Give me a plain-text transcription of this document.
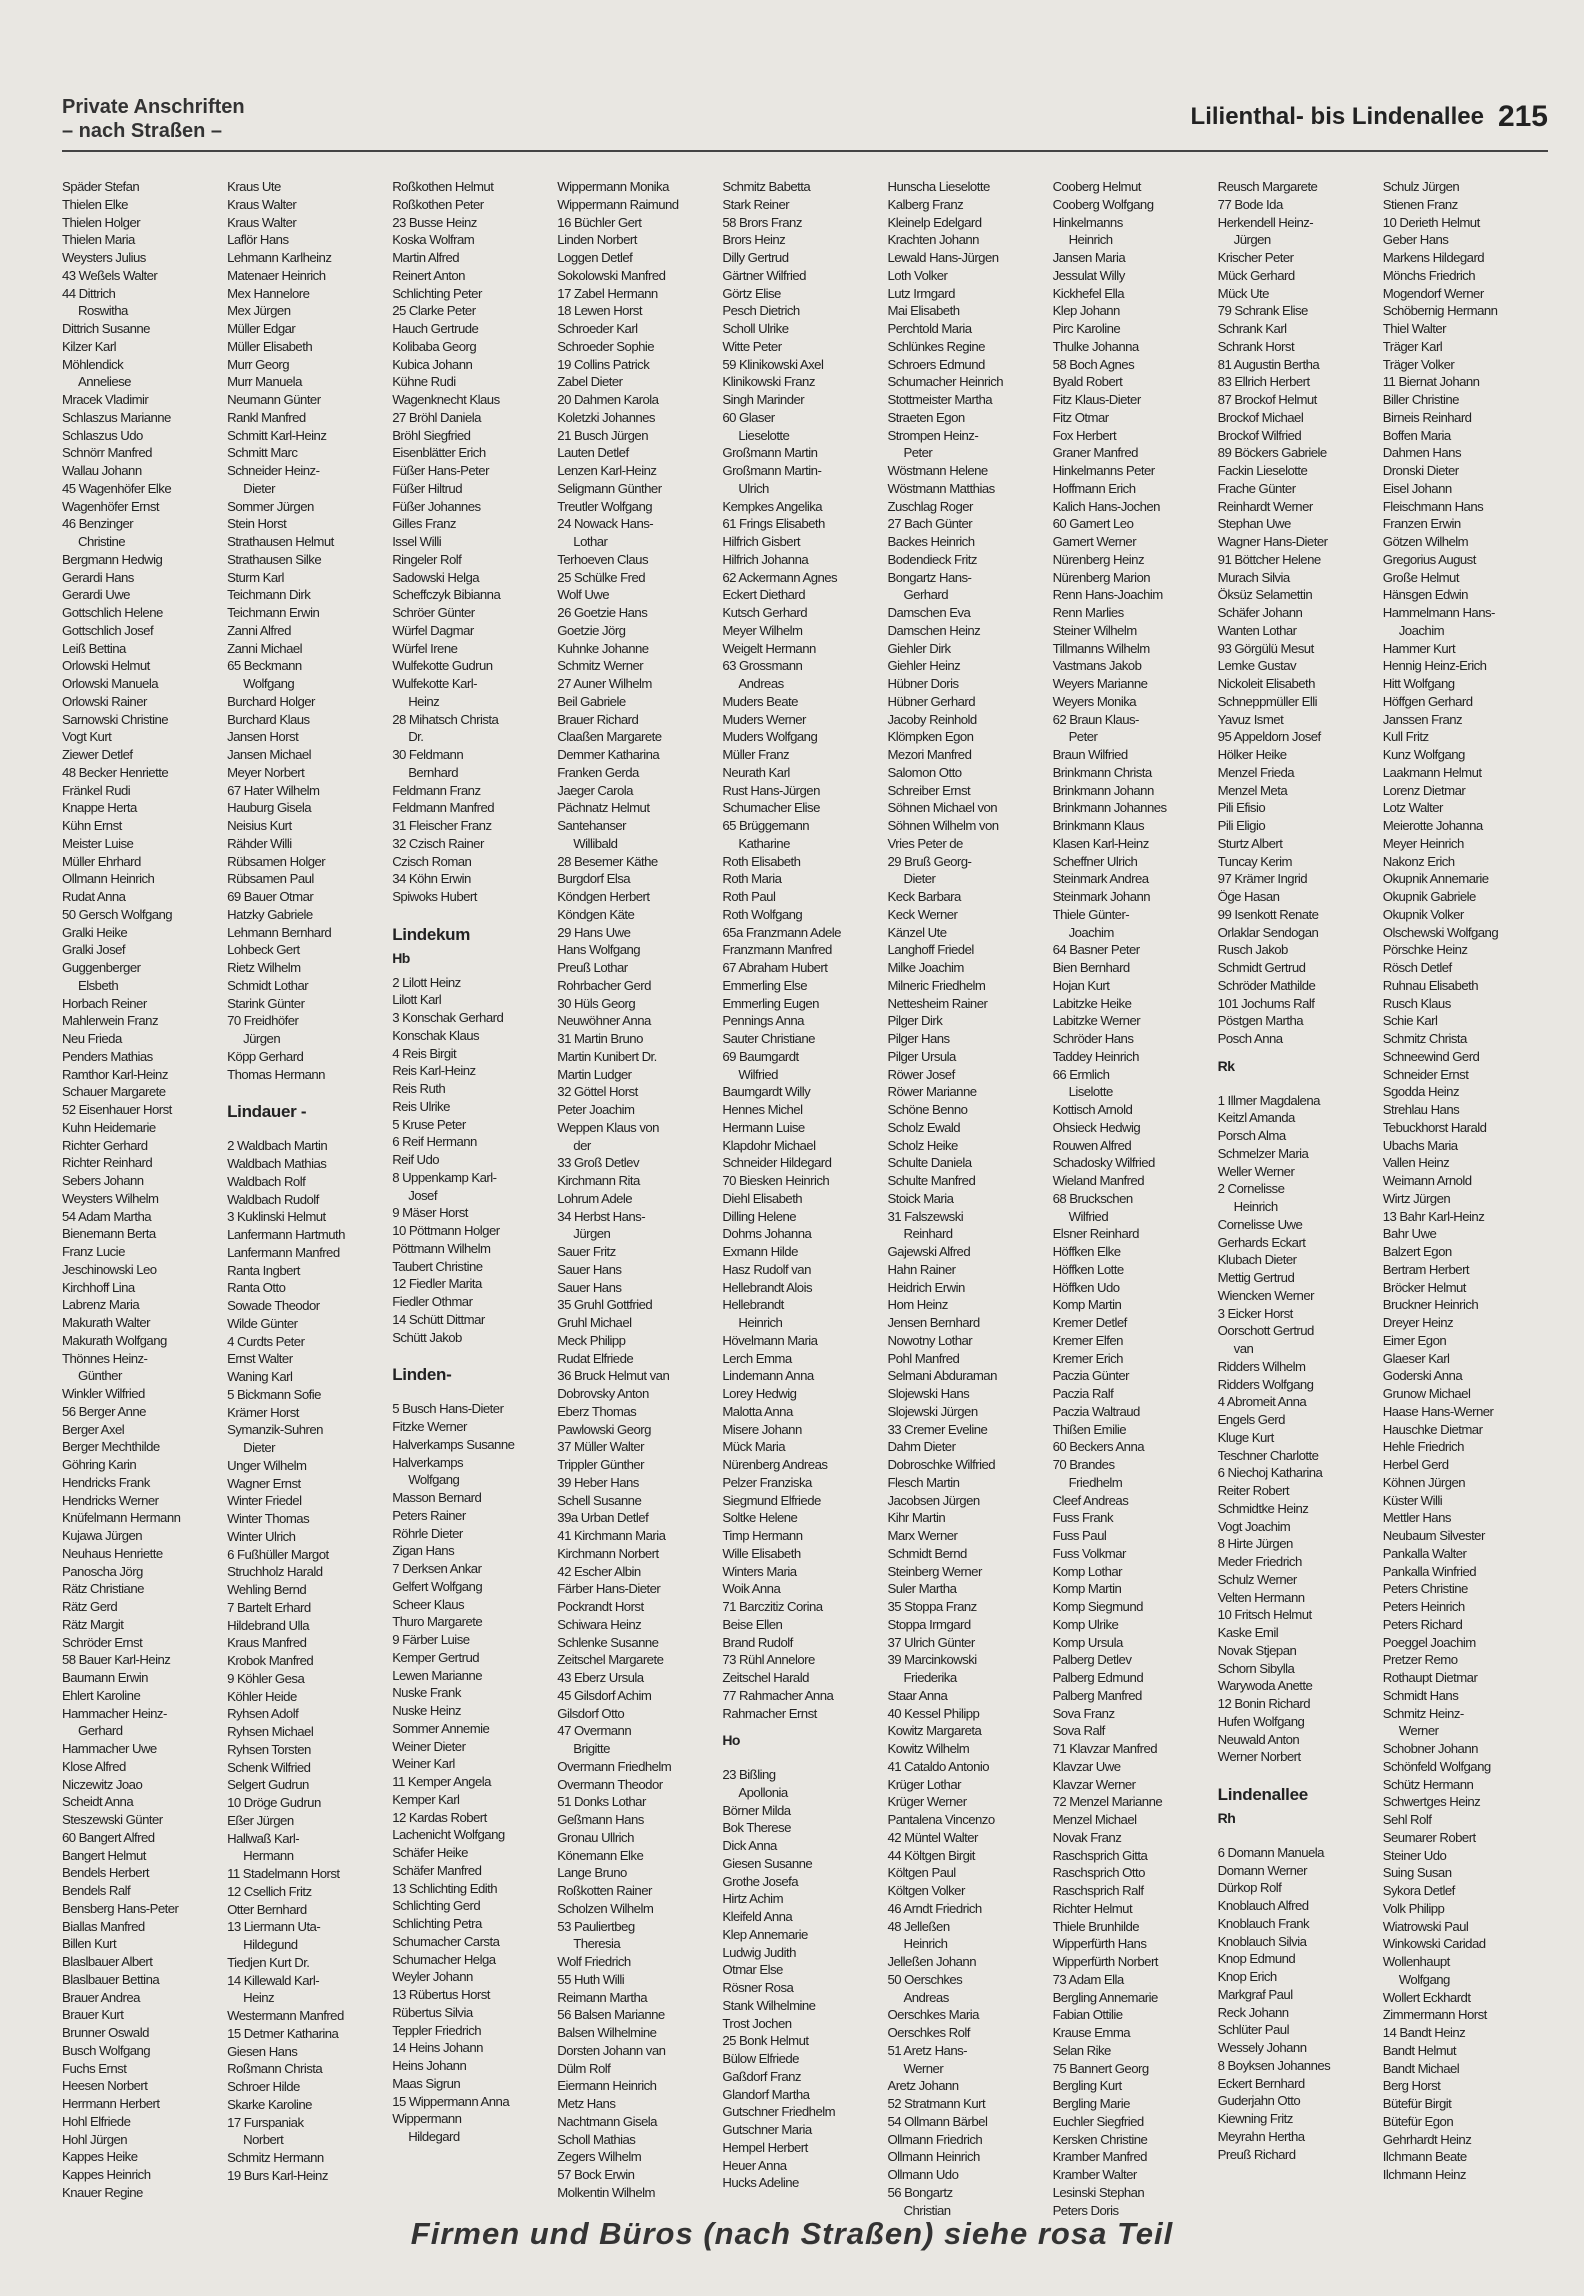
Private Anschriften
– nach Straßen –
Lilienthal- bis Lindenallee 215
Späder Stefan
Thielen Elke
Thielen Holger
Thielen Maria
Weysters Julius
43 Weßels Walter
44 Dittrich
Roswitha
Dittrich Susanne
Kilzer Karl
Möhlendick
Anneliese
Mracek Vladimir
Schlaszus Marianne
Schlaszus Udo
Schnörr Manfred
Wallau Johann
45 Wagenhöfer Elke
Wagenhöfer Ernst
46 Benzinger
Christine
Bergmann Hedwig
Gerardi Hans
Gerardi Uwe
Gottschlich Helene
Gottschlich Josef
Leiß Bettina
Orlowski Helmut
Orlowski Manuela
Orlowski Rainer
Sarnowski Christine
Vogt Kurt
Ziewer Detlef
48 Becker Henriette
Fränkel Rudi
Knappe Herta
Kühn Ernst
Meister Luise
Müller Ehrhard
Ollmann Heinrich
Rudat Anna
50 Gersch Wolfgang
Gralki Heike
Gralki Josef
Guggenberger
Elsbeth
Horbach Reiner
Mahlerwein Franz
Neu Frieda
Penders Mathias
Ramthor Karl-Heinz
Schauer Margarete
52 Eisenhauer Horst
Kuhn Heidemarie
Richter Gerhard
Richter Reinhard
Sebers Johann
Weysters Wilhelm
54 Adam Martha
Bienemann Berta
Franz Lucie
Jeschinowski Leo
Kirchhoff Lina
Labrenz Maria
Makurath Walter
Makurath Wolfgang
Thönnes Heinz-
Günther
Winkler Wilfried
56 Berger Anne
Berger Axel
Berger Mechthilde
Göhring Karin
Hendricks Frank
Hendricks Werner
Knüfelmann Hermann
Kujawa Jürgen
Neuhaus Henriette
Panoscha Jörg
Rätz Christiane
Rätz Gerd
Rätz Margit
Schröder Ernst
58 Bauer Karl-Heinz
Baumann Erwin
Ehlert Karoline
Hammacher Heinz-
Gerhard
Hammacher Uwe
Klose Alfred
Niczewitz Joao
Scheidt Anna
Steszewski Günter
60 Bangert Alfred
Bangert Helmut
Bendels Herbert
Bendels Ralf
Bensberg Hans-Peter
Biallas Manfred
Billen Kurt
Blaslbauer Albert
Blaslbauer Bettina
Brauer Andrea
Brauer Kurt
Brunner Oswald
Busch Wolfgang
Fuchs Ernst
Heesen Norbert
Herrmann Herbert
Hohl Elfriede
Hohl Jürgen
Kappes Heike
Kappes Heinrich
Knauer Regine
Kraus Ute
Kraus Walter
Kraus Walter
Laflör Hans
Lehmann Karlheinz
Matenaer Heinrich
Mex Hannelore
Mex Jürgen
Müller Edgar
Müller Elisabeth
Murr Georg
Murr Manuela
Neumann Günter
Rankl Manfred
Schmitt Karl-Heinz
Schmitt Marc
Schneider Heinz-
Dieter
Sommer Jürgen
Stein Horst
Strathausen Helmut
Strathausen Silke
Sturm Karl
Teichmann Dirk
Teichmann Erwin
Zanni Alfred
Zanni Michael
65 Beckmann
Wolfgang
Burchard Holger
Burchard Klaus
Jansen Horst
Jansen Michael
Meyer Norbert
67 Hater Wilhelm
Hauburg Gisela
Neisius Kurt
Rähder Willi
Rübsamen Holger
Rübsamen Paul
69 Bauer Otmar
Hatzky Gabriele
Lehmann Bernhard
Lohbeck Gert
Rietz Wilhelm
Schmidt Lothar
Starink Günter
70 Freidhöfer
Jürgen
Köpp Gerhard
Thomas Hermann
Lindauer -
2 Waldbach Martin
Waldbach Mathias
Waldbach Rolf
Waldbach Rudolf
3 Kuklinski Helmut
Lanfermann Hartmuth
Lanfermann Manfred
Ranta Ingbert
Ranta Otto
Sowade Theodor
Wilde Günter
4 Curdts Peter
Ernst Walter
Waning Karl
5 Bickmann Sofie
Krämer Horst
Symanzik-Suhren
Dieter
Unger Wilhelm
Wagner Ernst
Winter Friedel
Winter Thomas
Winter Ulrich
6 Fußhüller Margot
Struchholz Harald
Wehling Bernd
7 Bartelt Erhard
Hildebrand Ulla
Kraus Manfred
Krobok Manfred
9 Köhler Gesa
Köhler Heide
Ryhsen Adolf
Ryhsen Michael
Ryhsen Torsten
Schenk Wilfried
Selgert Gudrun
10 Dröge Gudrun
Eßer Jürgen
Hallwaß Karl-
Hermann
11 Stadelmann Horst
12 Csellich Fritz
Otter Bernhard
13 Liermann Uta-
Hildegund
Tiedjen Kurt Dr.
14 Killewald Karl-
Heinz
Westermann Manfred
15 Detmer Katharina
Giesen Hans
Roßmann Christa
Schroer Hilde
Skarke Karoline
17 Furspaniak
Norbert
Schmitz Hermann
19 Burs Karl-Heinz
Roßkothen Helmut
Roßkothen Peter
23 Busse Heinz
Koska Wolfram
Martin Alfred
Reinert Anton
Schlichting Peter
25 Clarke Peter
Hauch Gertrude
Kolibaba Georg
Kubica Johann
Kühne Rudi
Wagenknecht Klaus
27 Bröhl Daniela
Bröhl Siegfried
Eisenblätter Erich
Füßer Hans-Peter
Füßer Hiltrud
Füßer Johannes
Gilles Franz
Issel Willi
Ringeler Rolf
Sadowski Helga
Scheffczyk Bibianna
Schröer Günter
Würfel Dagmar
Würfel Irene
Wulfekotte Gudrun
Wulfekotte Karl-
Heinz
28 Mihatsch Christa
Dr.
30 Feldmann
Bernhard
Feldmann Franz
Feldmann Manfred
31 Fleischer Franz
32 Czisch Rainer
Czisch Roman
34 Köhn Erwin
Spiwoks Hubert
Lindekum
Hb
2 Lilott Heinz
Lilott Karl
3 Konschak Gerhard
Konschak Klaus
4 Reis Birgit
Reis Karl-Heinz
Reis Ruth
Reis Ulrike
5 Kruse Peter
6 Reif Hermann
Reif Udo
8 Uppenkamp Karl-
Josef
9 Mäser Horst
10 Pöttmann Holger
Pöttmann Wilhelm
Taubert Christine
12 Fiedler Marita
Fiedler Othmar
14 Schütt Dittmar
Schütt Jakob
Linden-
5 Busch Hans-Dieter
Fitzke Werner
Halverkamps Susanne
Halverkamps
Wolfgang
Masson Bernard
Peters Rainer
Röhrle Dieter
Zigan Hans
7 Derksen Ankar
Gelfert Wolfgang
Scheer Klaus
Thuro Margarete
9 Färber Luise
Kemper Gertrud
Lewen Marianne
Nuske Frank
Nuske Heinz
Sommer Annemie
Weiner Dieter
Weiner Karl
11 Kemper Angela
Kemper Karl
12 Kardas Robert
Lachenicht Wolfgang
Schäfer Heike
Schäfer Manfred
13 Schlichting Edith
Schlichting Gerd
Schlichting Petra
Schumacher Carsta
Schumacher Helga
Weyler Johann
13 Rübertus Horst
Rübertus Silvia
Teppler Friedrich
14 Heins Johann
Heins Johann
Maas Sigrun
15 Wippermann Anna
Wippermann
Hildegard
Wippermann Monika
Wippermann Raimund
16 Büchler Gert
Linden Norbert
Loggen Detlef
Sokolowski Manfred
17 Zabel Hermann
18 Lewen Horst
Schroeder Karl
Schroeder Sophie
19 Collins Patrick
Zabel Dieter
20 Dahmen Karola
Koletzki Johannes
21 Busch Jürgen
Lauten Detlef
Lenzen Karl-Heinz
Seligmann Günther
Treutler Wolfgang
24 Nowack Hans-
Lothar
Terhoeven Claus
25 Schülke Fred
Wolf Uwe
26 Goetzie Hans
Goetzie Jörg
Kuhnke Johanne
Schmitz Werner
27 Auner Wilhelm
Beil Gabriele
Brauer Richard
Claaßen Margarete
Demmer Katharina
Franken Gerda
Jaeger Carola
Pächnatz Helmut
Santehanser
Willibald
28 Besemer Käthe
Burgdorf Elsa
Köndgen Herbert
Köndgen Käte
29 Hans Uwe
Hans Wolfgang
Preuß Lothar
Rohrbacher Gerd
30 Hüls Georg
Neuwöhner Anna
31 Martin Bruno
Martin Kunibert Dr.
Martin Ludger
32 Göttel Horst
Peter Joachim
Weppen Klaus von
der
33 Groß Detlev
Kirchmann Rita
Lohrum Adele
34 Herbst Hans-
Jürgen
Sauer Fritz
Sauer Hans
Sauer Hans
35 Gruhl Gottfried
Gruhl Michael
Meck Philipp
Rudat Elfriede
36 Bruck Helmut van
Dobrovsky Anton
Eberz Thomas
Pawlowski Georg
37 Müller Walter
Trippler Günther
39 Heber Hans
Schell Susanne
39a Urban Detlef
41 Kirchmann Maria
Kirchmann Norbert
42 Escher Albin
Färber Hans-Dieter
Pockrandt Horst
Schiwara Heinz
Schlenke Susanne
Zeitschel Margarete
43 Eberz Ursula
45 Gilsdorf Achim
Gilsdorf Otto
47 Overmann
Brigitte
Overmann Friedhelm
Overmann Theodor
51 Donks Lothar
Geßmann Hans
Gronau Ullrich
Könemann Elke
Lange Bruno
Roßkotten Rainer
Scholzen Wilhelm
53 Pauliertbeg
Theresia
Wolf Friedrich
55 Huth Willi
Reimann Martha
56 Balsen Marianne
Balsen Wilhelmine
Dorsten Johann van
Dülm Rolf
Eiermann Heinrich
Metz Hans
Nachtmann Gisela
Scholl Mathias
Zegers Wilhelm
57 Bock Erwin
Molkentin Wilhelm
Schmitz Babetta
Stark Reiner
58 Brors Franz
Brors Heinz
Dilly Gertrud
Gärtner Wilfried
Görtz Elise
Pesch Dietrich
Scholl Ulrike
Witte Peter
59 Klinikowski Axel
Klinikowski Franz
Singh Marinder
60 Glaser
Lieselotte
Großmann Martin
Großmann Martin-
Ulrich
Kempkes Angelika
61 Frings Elisabeth
Hilfrich Gisbert
Hilfrich Johanna
62 Ackermann Agnes
Eckert Diethard
Kutsch Gerhard
Meyer Wilhelm
Weigelt Hermann
63 Grossmann
Andreas
Muders Beate
Muders Werner
Muders Wolfgang
Müller Franz
Neurath Karl
Rust Hans-Jürgen
Schumacher Elise
65 Brüggemann
Katharine
Roth Elisabeth
Roth Maria
Roth Paul
Roth Wolfgang
65a Franzmann Adele
Franzmann Manfred
67 Abraham Hubert
Emmerling Else
Emmerling Eugen
Pennings Anna
Sauter Christiane
69 Baumgardt
Wilfried
Baumgardt Willy
Hennes Michel
Hermann Luise
Klapdohr Michael
Schneider Hildegard
70 Biesken Heinrich
Diehl Elisabeth
Dilling Helene
Dohms Johanna
Exmann Hilde
Hasz Rudolf van
Hellebrandt Alois
Hellebrandt
Heinrich
Hövelmann Maria
Lerch Emma
Lindemann Anna
Lorey Hedwig
Malotta Anna
Misere Johann
Mück Maria
Nürenberg Andreas
Pelzer Franziska
Siegmund Elfriede
Soltke Helene
Timp Hermann
Wille Elisabeth
Winters Maria
Woik Anna
71 Barczitiz Corina
Beise Ellen
Brand Rudolf
73 Rühl Annelore
Zeitschel Harald
77 Rahmacher Anna
Rahmacher Ernst
Ho
23 Bißling
Apollonia
Börner Milda
Bok Therese
Dick Anna
Giesen Susanne
Grothe Josefa
Hirtz Achim
Kleifeld Anna
Klep Annemarie
Ludwig Judith
Otmar Else
Rösner Rosa
Stank Wilhelmine
Trost Jochen
25 Bonk Helmut
Bülow Elfriede
Gaßdorf Franz
Glandorf Martha
Gutschner Friedhelm
Gutschner Maria
Hempel Herbert
Heuer Anna
Hucks Adeline
Hunscha Lieselotte
Kalberg Franz
Kleinelp Edelgard
Krachten Johann
Lewald Hans-Jürgen
Loth Volker
Lutz Irmgard
Mai Elisabeth
Perchtold Maria
Schlünkes Regine
Schroers Edmund
Schumacher Heinrich
Stottmeister Martha
Straeten Egon
Strompen Heinz-
Peter
Wöstmann Helene
Wöstmann Matthias
Zuschlag Roger
27 Bach Günter
Backes Heinrich
Bodendieck Fritz
Bongartz Hans-
Gerhard
Damschen Eva
Damschen Heinz
Giehler Dirk
Giehler Heinz
Hübner Doris
Hübner Gerhard
Jacoby Reinhold
Klömpken Egon
Mezori Manfred
Salomon Otto
Schreiber Ernst
Söhnen Michael von
Söhnen Wilhelm von
Vries Peter de
29 Bruß Georg-
Dieter
Keck Barbara
Keck Werner
Känzel Ute
Langhoff Friedel
Milke Joachim
Milneric Friedhelm
Nettesheim Rainer
Pilger Dirk
Pilger Hans
Pilger Ursula
Röwer Josef
Röwer Marianne
Schöne Benno
Scholz Ewald
Scholz Heike
Schulte Daniela
Schulte Manfred
Stoick Maria
31 Falszewski
Reinhard
Gajewski Alfred
Hahn Rainer
Heidrich Erwin
Hom Heinz
Jensen Bernhard
Nowotny Lothar
Pohl Manfred
Selmani Abduraman
Slojewski Hans
Slojewski Jürgen
33 Cremer Eveline
Dahm Dieter
Dobroschke Wilfried
Flesch Martin
Jacobsen Jürgen
Kihr Martin
Marx Werner
Schmidt Bernd
Steinberg Werner
Suler Martha
35 Stoppa Franz
Stoppa Irmgard
37 Ulrich Günter
39 Marcinkowski
Friederika
Staar Anna
40 Kessel Philipp
Kowitz Margareta
Kowitz Wilhelm
41 Cataldo Antonio
Krüger Lothar
Krüger Werner
Pantalena Vincenzo
42 Müntel Walter
44 Költgen Birgit
Költgen Paul
Költgen Volker
46 Arndt Friedrich
48 Jelleßen
Heinrich
Jelleßen Johann
50 Oerschkes
Andreas
Oerschkes Maria
Oerschkes Rolf
51 Aretz Hans-
Werner
Aretz Johann
52 Stratmann Kurt
54 Ollmann Bärbel
Ollmann Friedrich
Ollmann Heinrich
Ollmann Udo
56 Bongartz
Christian
Cooberg Helmut
Cooberg Wolfgang
Hinkelmanns
Heinrich
Jansen Maria
Jessulat Willy
Kickhefel Ella
Klep Johann
Pirc Karoline
Thulke Johanna
58 Boch Agnes
Byald Robert
Fitz Klaus-Dieter
Fitz Otmar
Fox Herbert
Graner Manfred
Hinkelmanns Peter
Hoffmann Erich
Kalich Hans-Jochen
60 Gamert Leo
Gamert Werner
Nürenberg Heinz
Nürenberg Marion
Renn Hans-Joachim
Renn Marlies
Steiner Wilhelm
Tillmanns Wilhelm
Vastmans Jakob
Weyers Marianne
Weyers Monika
62 Braun Klaus-
Peter
Braun Wilfried
Brinkmann Christa
Brinkmann Johann
Brinkmann Johannes
Brinkmann Klaus
Klasen Karl-Heinz
Scheffner Ulrich
Steinmark Andrea
Steinmark Johann
Thiele Günter-
Joachim
64 Basner Peter
Bien Bernhard
Hojan Kurt
Labitzke Heike
Labitzke Werner
Schröder Hans
Taddey Heinrich
66 Ermlich
Liselotte
Kottisch Arnold
Ohsieck Hedwig
Rouwen Alfred
Schadosky Wilfried
Wieland Manfred
68 Bruckschen
Wilfried
Elsner Reinhard
Höffken Elke
Höffken Lotte
Höffken Udo
Komp Martin
Kremer Detlef
Kremer Elfen
Kremer Erich
Paczia Günter
Paczia Ralf
Paczia Waltraud
Thißen Emilie
60 Beckers Anna
70 Brandes
Friedhelm
Cleef Andreas
Fuss Frank
Fuss Paul
Fuss Volkmar
Komp Lothar
Komp Martin
Komp Siegmund
Komp Ulrike
Komp Ursula
Palberg Detlev
Palberg Edmund
Palberg Manfred
Sova Franz
Sova Ralf
71 Klavzar Manfred
Klavzar Uwe
Klavzar Werner
72 Menzel Marianne
Menzel Michael
Novak Franz
Raschsprich Gitta
Raschsprich Otto
Raschsprich Ralf
Richter Helmut
Thiele Brunhilde
Wipperfürth Hans
Wipperfürth Norbert
73 Adam Ella
Bergling Annemarie
Fabian Ottilie
Krause Emma
Selan Rike
75 Bannert Georg
Bergling Kurt
Bergling Marie
Euchler Siegfried
Kersken Christine
Kramber Manfred
Kramber Walter
Lesinski Stephan
Peters Doris
Reusch Margarete
77 Bode Ida
Herkendell Heinz-
Jürgen
Krischer Peter
Mück Gerhard
Mück Ute
79 Schrank Elise
Schrank Karl
Schrank Horst
81 Augustin Bertha
83 Ellrich Herbert
87 Brockof Helmut
Brockof Michael
Brockof Wilfried
89 Böckers Gabriele
Fackin Lieselotte
Frache Günter
Reinhardt Werner
Stephan Uwe
Wagner Hans-Dieter
91 Böttcher Helene
Murach Silvia
Öksüz Selamettin
Schäfer Johann
Wanten Lothar
93 Görgülü Mesut
Lemke Gustav
Nickoleit Elisabeth
Schneppmüller Elli
Yavuz Ismet
95 Appeldorn Josef
Hölker Heike
Menzel Frieda
Menzel Meta
Pili Efisio
Pili Eligio
Sturtz Albert
Tuncay Kerim
97 Krämer Ingrid
Öge Hasan
99 Isenkott Renate
Orlaklar Sendogan
Rusch Jakob
Schmidt Gertrud
Schröder Mathilde
101 Jochums Ralf
Pöstgen Martha
Posch Anna
Rk
1 Illmer Magdalena
Keitzl Amanda
Porsch Alma
Schmelzer Maria
Weller Werner
2 Cornelisse
Heinrich
Cornelisse Uwe
Gerhards Eckart
Klubach Dieter
Mettig Gertrud
Wiencken Werner
3 Eicker Horst
Oorschott Gertrud
van
Ridders Wilhelm
Ridders Wolfgang
4 Abromeit Anna
Engels Gerd
Kluge Kurt
Teschner Charlotte
6 Niechoj Katharina
Reiter Robert
Schmidtke Heinz
Vogt Joachim
8 Hirte Jürgen
Meder Friedrich
Schulz Werner
Velten Hermann
10 Fritsch Helmut
Kaske Emil
Novak Stjepan
Schorn Sibylla
Warywoda Anette
12 Bonin Richard
Hufen Wolfgang
Neuwald Anton
Werner Norbert
Lindenallee
Rh
6 Domann Manuela
Domann Werner
Dürkop Rolf
Knoblauch Alfred
Knoblauch Frank
Knoblauch Silvia
Knop Edmund
Knop Erich
Markgraf Paul
Reck Johann
Schlüter Paul
Wessely Johann
8 Boyksen Johannes
Eckert Bernhard
Guderjahn Otto
Kiewning Fritz
Meyrahn Hertha
Preuß Richard
Schulz Jürgen
Stienen Franz
10 Derieth Helmut
Geber Hans
Markens Hildegard
Mönchs Friedrich
Mogendorf Werner
Schöbernig Hermann
Thiel Walter
Träger Karl
Träger Volker
11 Biernat Johann
Biller Christine
Birneis Reinhard
Boffen Maria
Dahmen Hans
Dronski Dieter
Eisel Johann
Fleischmann Hans
Franzen Erwin
Götzen Wilhelm
Gregorius August
Große Helmut
Hänsgen Edwin
Hammelmann Hans-
Joachim
Hammer Kurt
Hennig Heinz-Erich
Hitt Wolfgang
Höffgen Gerhard
Janssen Franz
Kull Fritz
Kunz Wolfgang
Laakmann Helmut
Lorenz Dietmar
Lotz Walter
Meierotte Johanna
Meyer Heinrich
Nakonz Erich
Okupnik Annemarie
Okupnik Gabriele
Okupnik Volker
Olschewski Wolfgang
Pörschke Heinz
Rösch Detlef
Ruhnau Elisabeth
Rusch Klaus
Schie Karl
Schmitz Christa
Schneewind Gerd
Schneider Ernst
Sgodda Heinz
Strehlau Hans
Tebuckhorst Harald
Ubachs Maria
Vallen Heinz
Weimann Arnold
Wirtz Jürgen
13 Bahr Karl-Heinz
Bahr Uwe
Balzert Egon
Bertram Herbert
Bröcker Helmut
Bruckner Heinrich
Dreyer Heinz
Eimer Egon
Glaeser Karl
Goderski Anna
Grunow Michael
Haase Hans-Werner
Hauschke Dietmar
Hehle Friedrich
Herbel Gerd
Köhnen Jürgen
Küster Willi
Mettler Hans
Neubaum Silvester
Pankalla Walter
Pankalla Winfried
Peters Christine
Peters Heinrich
Peters Richard
Poeggel Joachim
Pretzer Remo
Rothaupt Dietmar
Schmidt Hans
Schmitz Heinz-
Werner
Schobner Johann
Schönfeld Wolfgang
Schütz Hermann
Schwertges Heinz
Sehl Rolf
Seumarer Robert
Steiner Udo
Suing Susan
Sykora Detlef
Volk Philipp
Wiatrowski Paul
Winkowski Caridad
Wollenhaupt
Wolfgang
Wollert Eckhardt
Zimmermann Horst
14 Bandt Heinz
Bandt Helmut
Bandt Michael
Berg Horst
Bütefür Birgit
Bütefür Egon
Gehrhardt Heinz
Ilchmann Beate
Ilchmann Heinz
Firmen und Büros (nach Straßen) siehe rosa Teil
